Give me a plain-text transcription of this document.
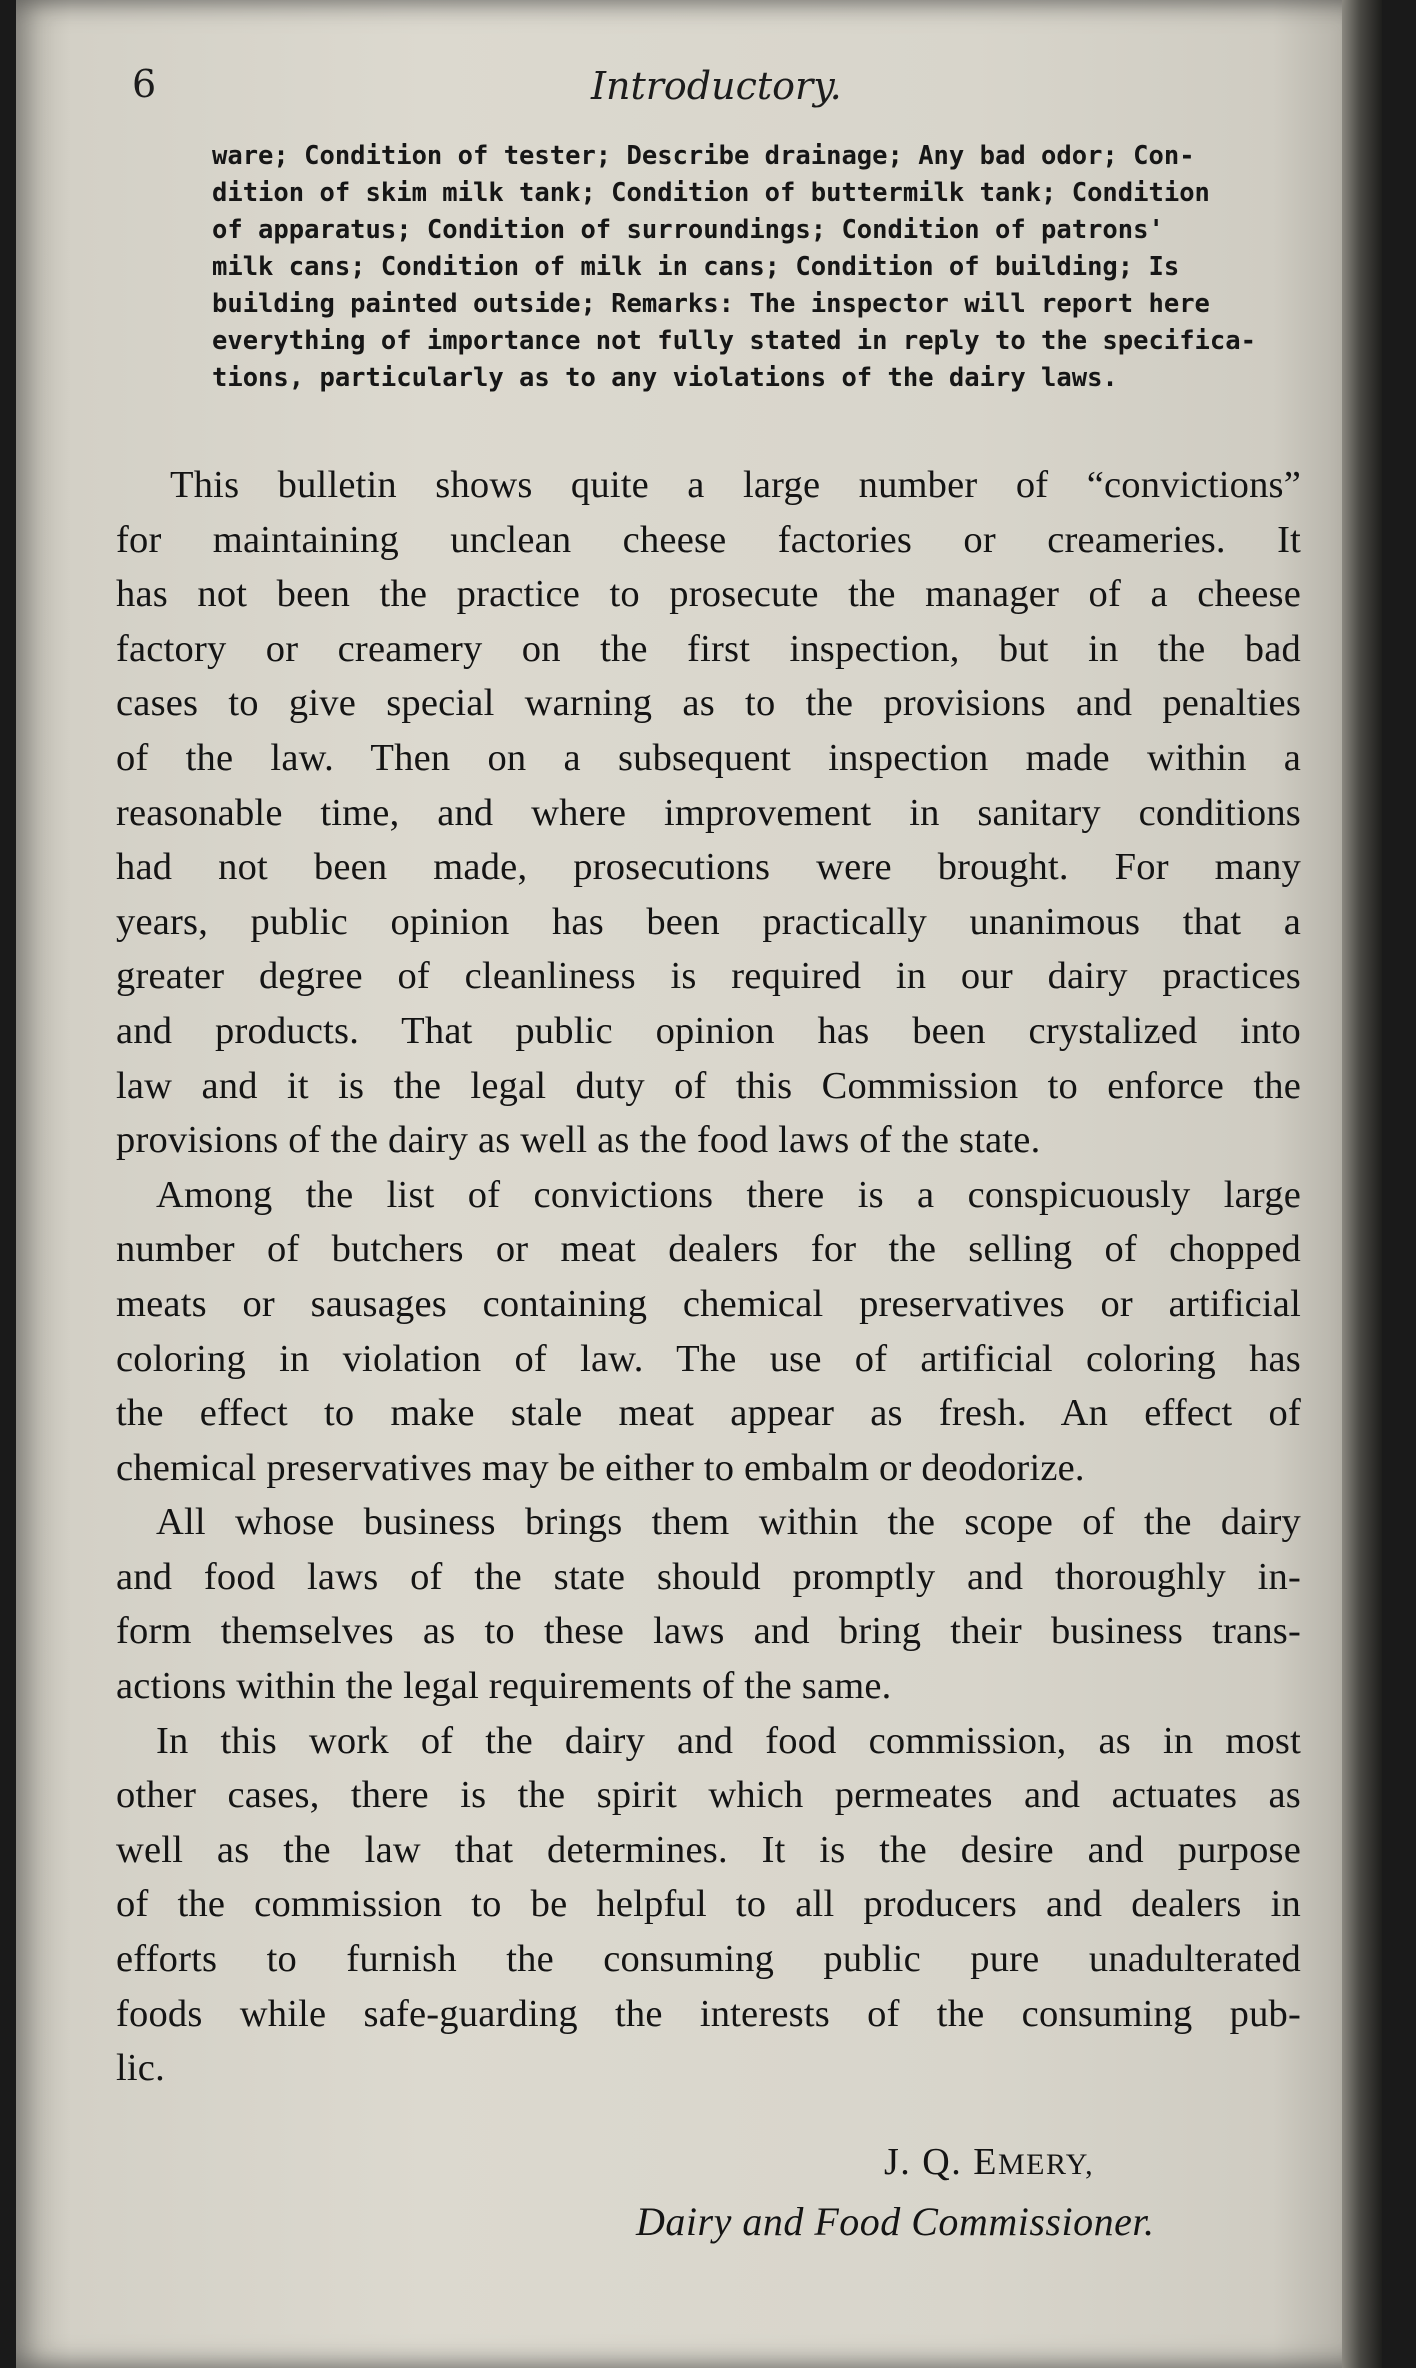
6	Introductory.
ware; Condition of tester; Describe drainage; Any bad odor; Con-
dition of skim milk tank; Condition of buttermilk tank; Condition
of apparatus; Condition of surroundings; Condition of patrons'
milk cans; Condition of milk in cans; Condition of building; Is
building painted outside; Remarks: The inspector will report here
everything of importance not fully stated in reply to the specifica-
tions, particularly as to any violations of the dairy laws.
This bulletin shows quite a large number of “convictions”
for maintaining unclean cheese factories or creameries. It
has not been the practice to prosecute the manager of a cheese
factory or creamery on the first inspection, but in the bad
cases to give special warning as to the provisions and penalties
of the law. Then on a subsequent inspection made within a
reasonable time, and where improvement in sanitary conditions
had not been made, prosecutions were brought. For many
years, public opinion has been practically unanimous that a
greater degree of cleanliness is required in our dairy practices
and products. That public opinion has been crystalized into
law and it is the legal duty of this Commission to enforce the
provisions of the dairy as well as the food laws of the state.
Among the list of convictions there is a conspicuously large
number of butchers or meat dealers for the selling of chopped
meats or sausages containing chemical preservatives or artificial
coloring in violation of law. The use of artificial coloring has
the effect to make stale meat appear as fresh. An effect of
chemical preservatives may be either to embalm or deodorize.
All whose business brings them within the scope of the dairy
and food laws of the state should promptly and thoroughly in-
form themselves as to these laws and bring their business trans-
actions within the legal requirements of the same.
In this work of the dairy and food commission, as in most
other cases, there is the spirit which permeates and actuates as
well as the law that determines. It is the desire and purpose
of the commission to be helpful to all producers and dealers in
efforts to furnish the consuming public pure unadulterated
foods while safe-guarding the interests of the consuming pub-
lic.
J. Q. EMERY,
Dairy and Food Commissioner.
